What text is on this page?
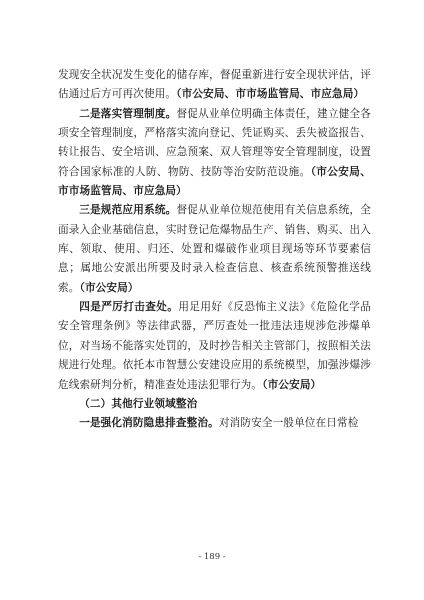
发现安全状况发生变化的储存库，督促重新进行安全现状评估，评估通过后方可再次使用。（市公安局、市市场监管局、市应急局）

二是落实管理制度。督促从业单位明确主体责任，建立健全各项安全管理制度，严格落实流向登记、凭证购买、丢失被盗报告、转让报告、安全培训、应急预案、双人管理等安全管理制度，设置符合国家标准的人防、物防、技防等治安防范设施。（市公安局、市市场监管局、市应急局）

三是规范应用系统。督促从业单位规范使用有关信息系统，全面录入企业基础信息，实时登记危爆物品生产、销售、购买、出入库、领取、使用、归还、处置和爆破作业项目现场等环节要素信息；属地公安派出所要及时录入检查信息、核查系统预警推送线索。（市公安局）

四是严厉打击查处。用足用好《反恐怖主义法》《危险化学品安全管理条例》等法律武器，严厉查处一批违法违规涉危涉爆单位，对当场不能落实处罚的，及时抄告相关主管部门，按照相关法规进行处理。依托本市智慧公安建设应用的系统模型，加强涉爆涉危线索研判分析，精准查处违法犯罪行为。（市公安局）

（二）其他行业领域整治

一是强化消防隐患排查整治。对消防安全一般单位在日常检

- 189 -
